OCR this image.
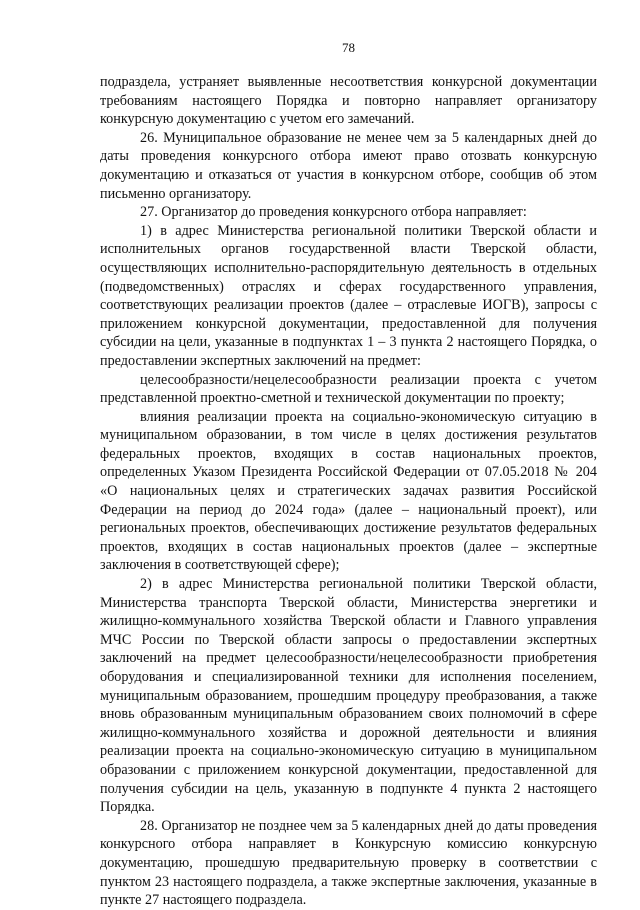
78

подраздела, устраняет выявленные несоответствия конкурсной документации требованиям настоящего Порядка и повторно направляет организатору конкурсную документацию с учетом его замечаний.

26. Муниципальное образование не менее чем за 5 календарных дней до даты проведения конкурсного отбора имеют право отозвать конкурсную документацию и отказаться от участия в конкурсном отборе, сообщив об этом письменно организатору.

27. Организатор до проведения конкурсного отбора направляет:

1) в адрес Министерства региональной политики Тверской области и исполнительных органов государственной власти Тверской области, осуществляющих исполнительно-распорядительную деятельность в отдельных (подведомственных) отраслях и сферах государственного управления, соответствующих реализации проектов (далее – отраслевые ИОГВ), запросы с приложением конкурсной документации, предоставленной для получения субсидии на цели, указанные в подпунктах 1 – 3 пункта 2 настоящего Порядка, о предоставлении экспертных заключений на предмет:

целесообразности/нецелесообразности реализации проекта с учетом представленной проектно-сметной и технической документации по проекту;

влияния реализации проекта на социально-экономическую ситуацию в муниципальном образовании, в том числе в целях достижения результатов федеральных проектов, входящих в состав национальных проектов, определенных Указом Президента Российской Федерации от 07.05.2018 № 204 «О национальных целях и стратегических задачах развития Российской Федерации на период до 2024 года» (далее – национальный проект), или региональных проектов, обеспечивающих достижение результатов федеральных проектов, входящих в состав национальных проектов (далее – экспертные заключения в соответствующей сфере);

2) в адрес Министерства региональной политики Тверской области, Министерства транспорта Тверской области, Министерства энергетики и жилищно-коммунального хозяйства Тверской области и Главного управления МЧС России по Тверской области запросы о предоставлении экспертных заключений на предмет целесообразности/нецелесообразности приобретения оборудования и специализированной техники для исполнения поселением, муниципальным образованием, прошедшим процедуру преобразования, а также вновь образованным муниципальным образованием своих полномочий в сфере жилищно-коммунального хозяйства и дорожной деятельности и влияния реализации проекта на социально-экономическую ситуацию в муниципальном образовании с приложением конкурсной документации, предоставленной для получения субсидии на цель, указанную в подпункте 4 пункта 2 настоящего Порядка.

28. Организатор не позднее чем за 5 календарных дней до даты проведения конкурсного отбора направляет в Конкурсную комиссию конкурсную документацию, прошедшую предварительную проверку в соответствии с пунктом 23 настоящего подраздела, а также экспертные заключения, указанные в пункте 27 настоящего подраздела.
